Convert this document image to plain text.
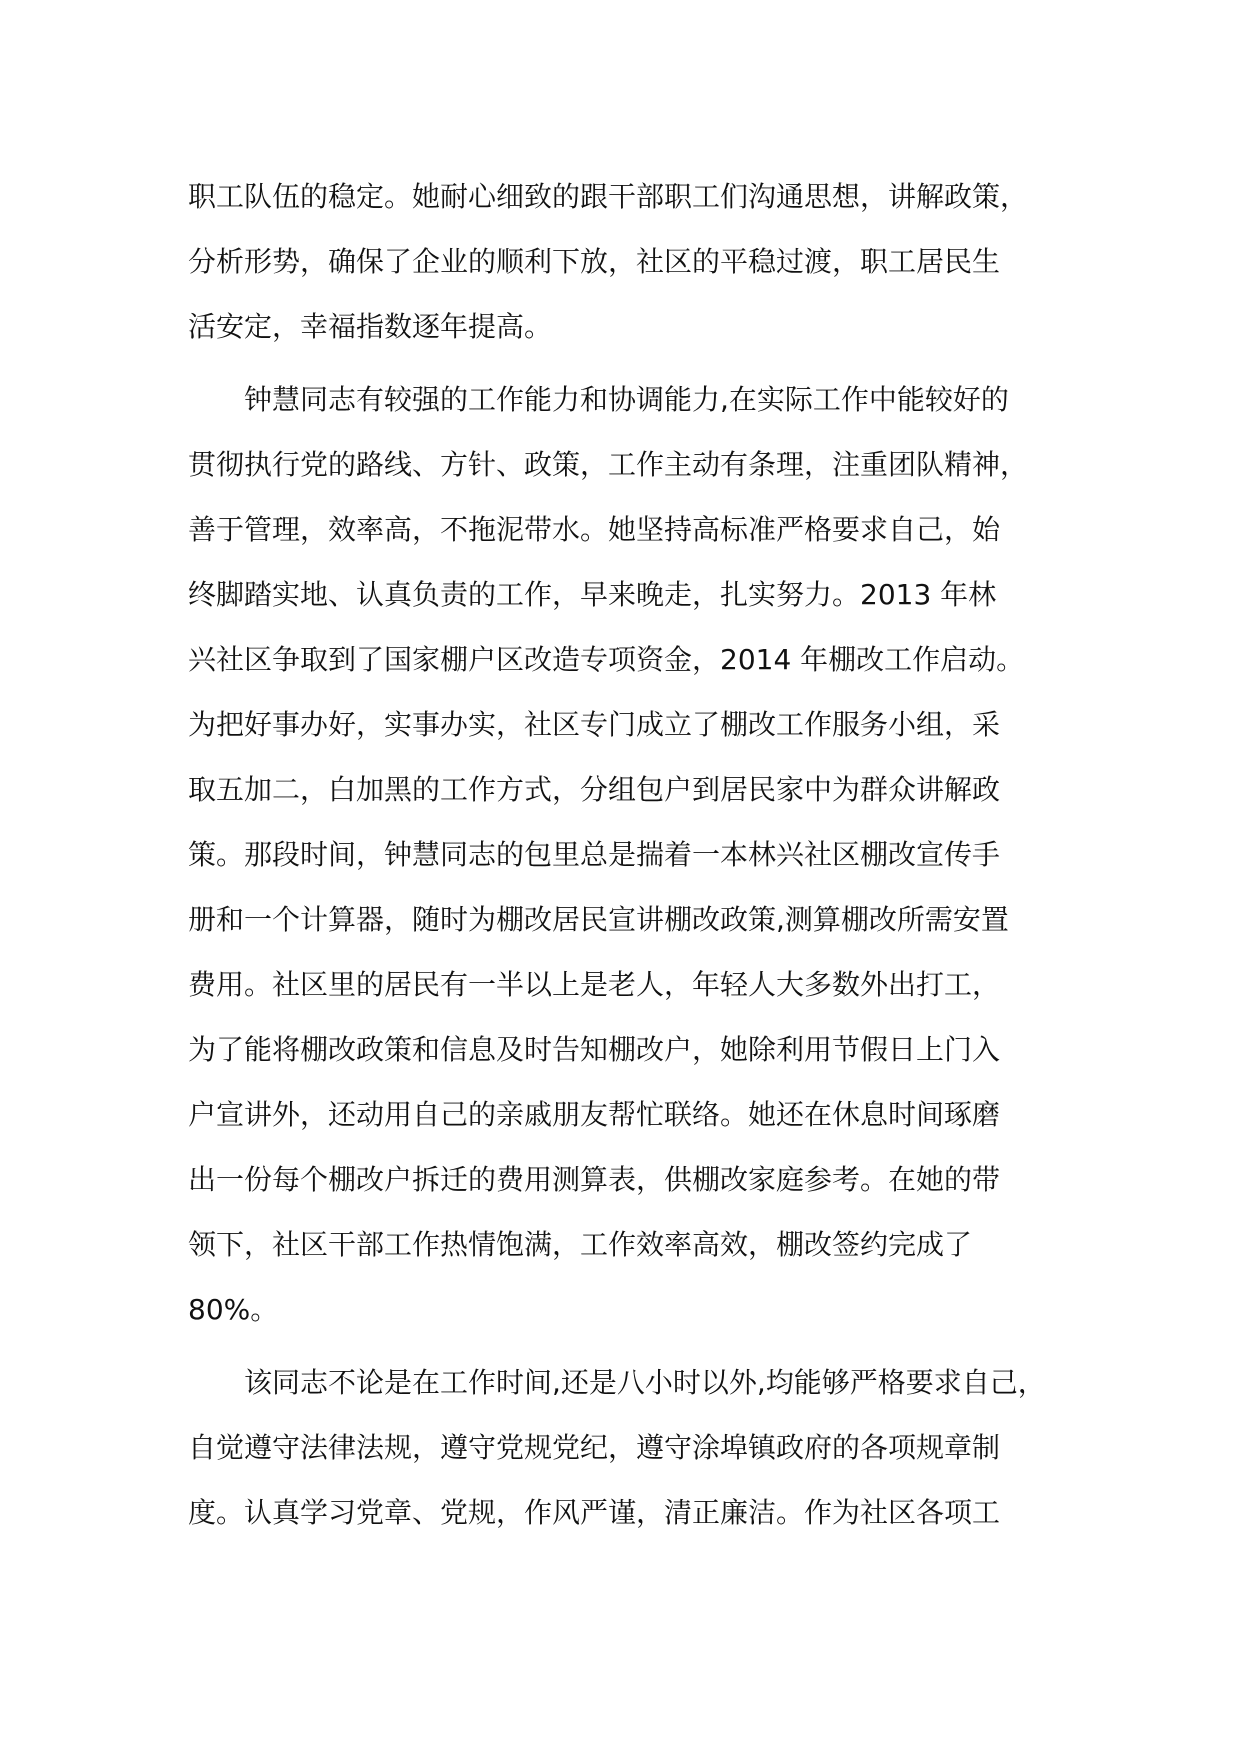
职工队伍的稳定。她耐心细致的跟干部职工们沟通思想，讲解政策，
分析形势，确保了企业的顺利下放，社区的平稳过渡，职工居民生
活安定，幸福指数逐年提高。
钟慧同志有较强的工作能力和协调能力,在实际工作中能较好的
贯彻执行党的路线、方针、政策，工作主动有条理，注重团队精神，
善于管理，效率高，不拖泥带水。她坚持高标准严格要求自己，始
终脚踏实地、认真负责的工作，早来晚走，扎实努力。2013 年林
兴社区争取到了国家棚户区改造专项资金，2014 年棚改工作启动。
为把好事办好，实事办实，社区专门成立了棚改工作服务小组，采
取五加二，白加黑的工作方式，分组包户到居民家中为群众讲解政
策。那段时间，钟慧同志的包里总是揣着一本林兴社区棚改宣传手
册和一个计算器，随时为棚改居民宣讲棚改政策,测算棚改所需安置
费用。社区里的居民有一半以上是老人，年轻人大多数外出打工，
为了能将棚改政策和信息及时告知棚改户，她除利用节假日上门入
户宣讲外，还动用自己的亲戚朋友帮忙联络。她还在休息时间琢磨
出一份每个棚改户拆迁的费用测算表，供棚改家庭参考。在她的带
领下，社区干部工作热情饱满，工作效率高效，棚改签约完成了
80%。
该同志不论是在工作时间,还是八小时以外,均能够严格要求自己，
自觉遵守法律法规，遵守党规党纪，遵守涂埠镇政府的各项规章制
度。认真学习党章、党规，作风严谨，清正廉洁。作为社区各项工
